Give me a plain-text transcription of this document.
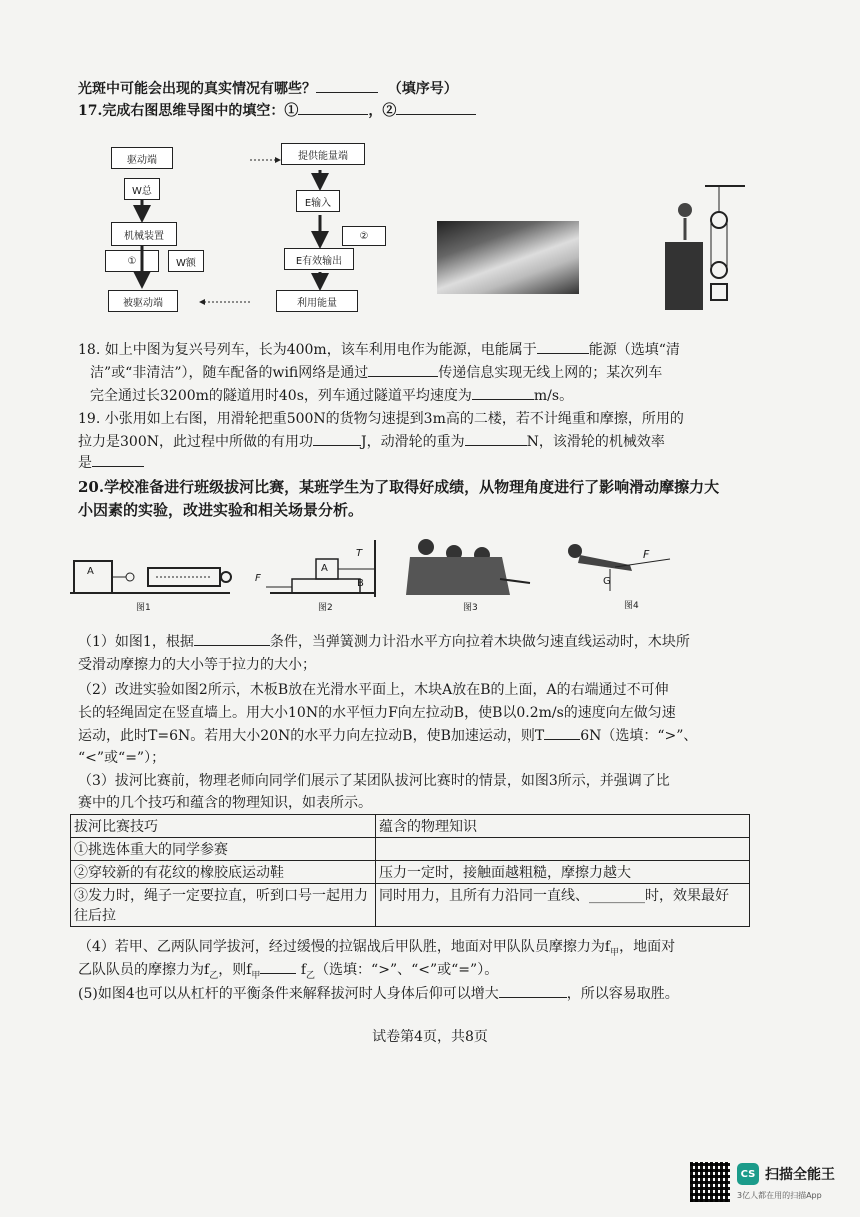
光斑中可能会出现的真实情况有哪些？	（填序号）
17.完成右图思维导图中的填空：①	，②
驱动端
W总
机械装置
①	W额
被驱动端
提供能量端
E输入
②
E有效输出
利用能量
18. 如上中图为复兴号列车，长为400m，该车利用电作为能源，电能属于	能源（选填“清
洁”或“非清洁”），随车配备的wifi网络是通过	传递信息实现无线上网的；某次列车
完全通过长3200m的隧道用时40s，列车通过隧道平均速度为	m/s。
19. 小张用如上右图，用滑轮把重500N的货物匀速提到3m高的二楼，若不计绳重和摩擦，所用的
拉力是300N，此过程中所做的有用功	J，动滑轮的重为	N，该滑轮的机械效率
是
20.学校准备进行班级拔河比赛，某班学生为了取得好成绩，从物理角度进行了影响滑动摩擦力大
小因素的实验，改进实验和相关场景分析。
图1	图2	图3	图4
A	A
B
T
F
F
G
（1）如图1，根据	条件，当弹簧测力计沿水平方向拉着木块做匀速直线运动时，木块所
受滑动摩擦力的大小等于拉力的大小；
（2）改进实验如图2所示，木板B放在光滑水平面上，木块A放在B的上面，A的右端通过不可伸
长的轻绳固定在竖直墙上。用大小10N的水平恒力F向左拉动B，使B以0.2m/s的速度向左做匀速
运动，此时T=6N。若用大小20N的水平力向左拉动B，使B加速运动，则T	6N（选填：“>”、
“<”或“=”）；
（3）拔河比赛前，物理老师向同学们展示了某团队拔河比赛时的情景，如图3所示，并强调了比
赛中的几个技巧和蕴含的物理知识，如表所示。
拔河比赛技巧	蕴含的物理知识
①挑选体重大的同学参赛	
②穿较新的有花纹的橡胶底运动鞋	压力一定时，接触面越粗糙，摩擦力越大
③发力时，绳子一定要拉直，听到口号一起用力往后拉	同时用力，且所有力沿同一直线、________时，效果最好
（4）若甲、乙两队同学拔河，经过缓慢的拉锯战后甲队胜，地面对甲队队员摩擦力为$f_甲$，地面对
乙队队员的摩擦力为$f_乙$，则$f_甲$	$f_乙$（选填：“>”、“<”或“=”）。
(5)如图4也可以从杠杆的平衡条件来解释拔河时人身体后仰可以增大	，所以容易取胜。
试卷第4页，共8页
CS 扫描全能王
3亿人都在用的扫描App
